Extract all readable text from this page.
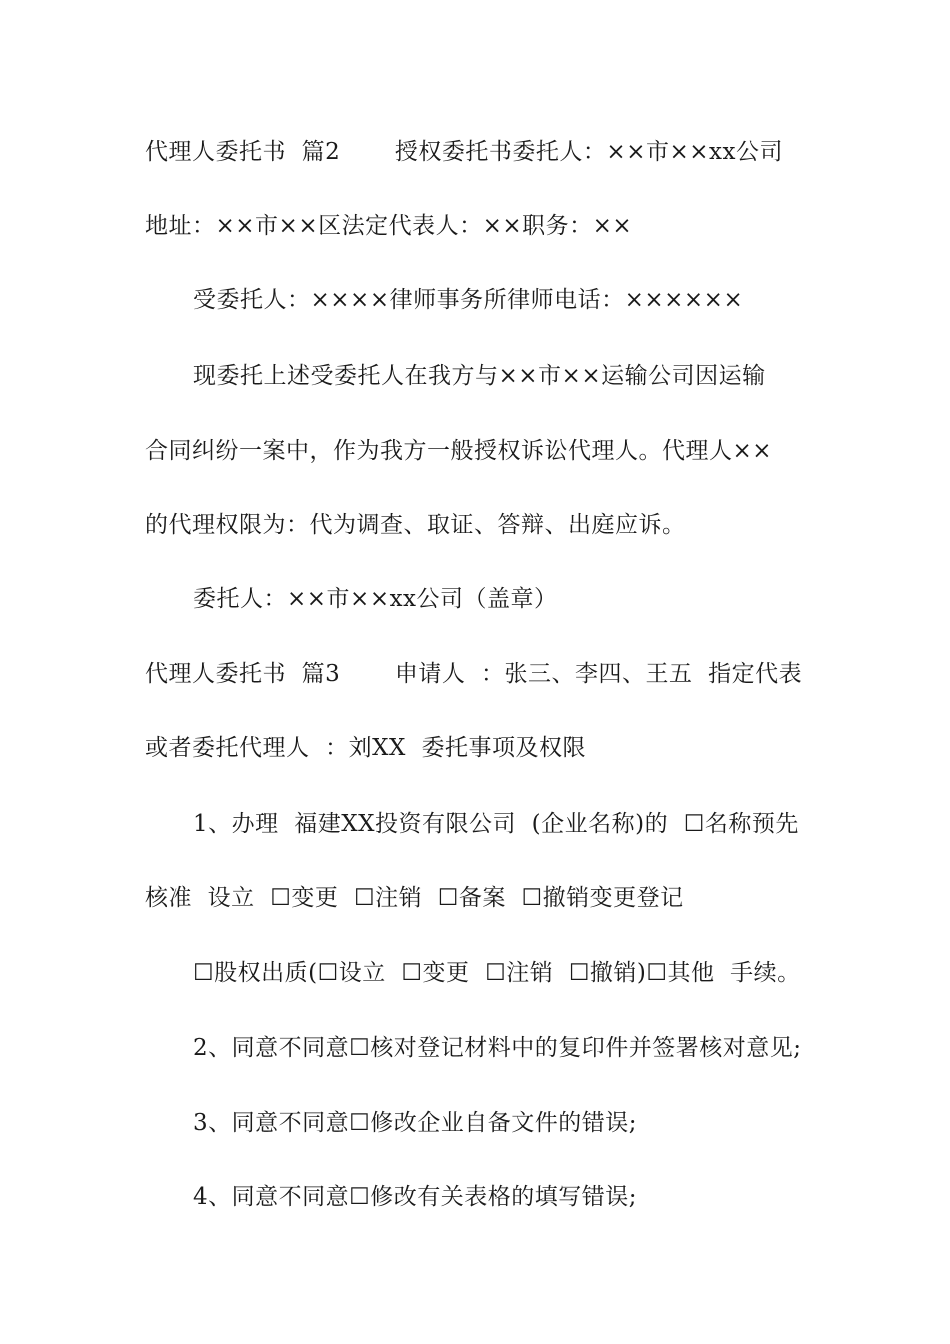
代理人委托书  篇2       授权委托书委托人：××市××xx公司
地址：××市××区法定代表人：××职务：××
受委托人：××××律师事务所律师电话：××××××
现委托上述受委托人在我方与××市××运输公司因运输
合同纠纷一案中，作为我方一般授权诉讼代理人。代理人××
的代理权限为：代为调查、取证、答辩、出庭应诉。
委托人：××市××xx公司（盖章）
代理人委托书  篇3       申请人  ：张三、李四、王五  指定代表
或者委托代理人  ：刘XX  委托事项及权限
1、办理  福建XX投资有限公司  (企业名称)的  ☐名称预先
核准  设立  ☐变更  ☐注销  ☐备案  ☐撤销变更登记
☐股权出质(☐设立  ☐变更  ☐注销  ☐撤销)☐其他  手续。
2、同意不同意☐核对登记材料中的复印件并签署核对意见;
3、同意不同意☐修改企业自备文件的错误;
4、同意不同意☐修改有关表格的填写错误;
